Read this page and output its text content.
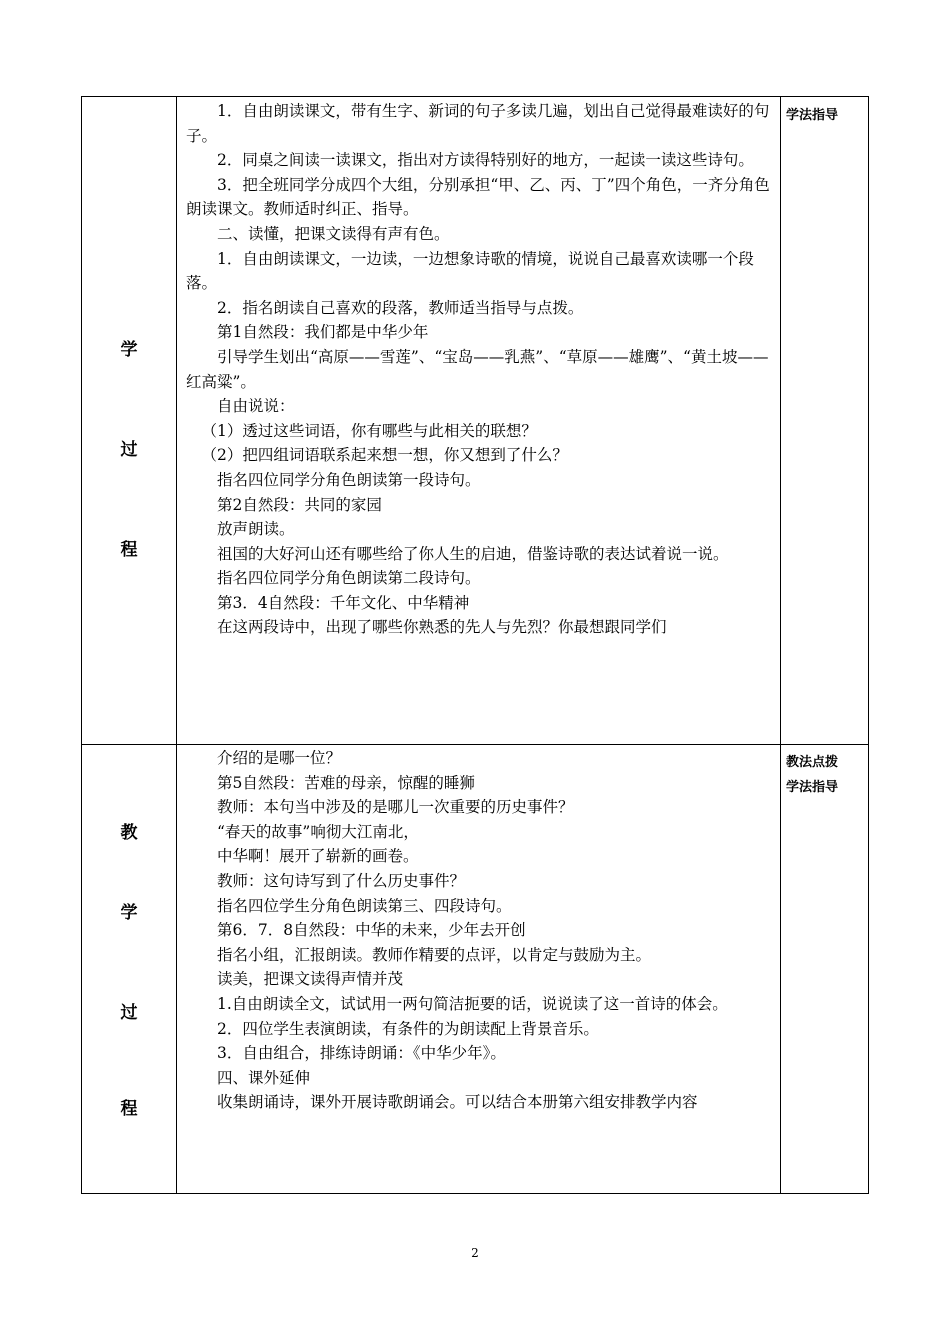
学
过
程

1．自由朗读课文，带有生字、新词的句子多读几遍，划出自己觉得最难读好的句子。

2．同桌之间读一读课文，指出对方读得特别好的地方，一起读一读这些诗句。

3．把全班同学分成四个大组，分别承担“甲、乙、丙、丁”四个角色，一齐分角色朗读课文。教师适时纠正、指导。

二、读懂，把课文读得有声有色。

1．自由朗读课文，一边读，一边想象诗歌的情境，说说自己最喜欢读哪一个段落。

2．指名朗读自己喜欢的段落，教师适当指导与点拨。

第1自然段：我们都是中华少年

引导学生划出“高原——雪莲”、“宝岛——乳燕”、“草原——雄鹰”、“黄土坡——红高粱”。

自由说说：

（1）透过这些词语，你有哪些与此相关的联想？

（2）把四组词语联系起来想一想，你又想到了什么？

指名四位同学分角色朗读第一段诗句。

第2自然段：共同的家园

放声朗读。

祖国的大好河山还有哪些给了你人生的启迪，借鉴诗歌的表达试着说一说。

指名四位同学分角色朗读第二段诗句。

第3．4自然段：千年文化、中华精神

在这两段诗中，出现了哪些你熟悉的先人与先烈？你最想跟同学们

学法指导
教
学
过
程

介绍的是哪一位？

第5自然段：苦难的母亲，惊醒的睡狮

教师：本句当中涉及的是哪儿一次重要的历史事件？

“春天的故事”响彻大江南北，

中华啊！展开了崭新的画卷。

教师：这句诗写到了什么历史事件？

指名四位学生分角色朗读第三、四段诗句。

第6．7．8自然段：中华的未来，少年去开创

指名小组，汇报朗读。教师作精要的点评，以肯定与鼓励为主。

读美，把课文读得声情并茂

1.自由朗读全文，试试用一两句简洁扼要的话，说说读了这一首诗的体会。

2．四位学生表演朗读，有条件的为朗读配上背景音乐。

3．自由组合，排练诗朗诵：《中华少年》。

四、课外延伸

收集朗诵诗，课外开展诗歌朗诵会。可以结合本册第六组安排教学内容

教法点拨
学法指导
2
